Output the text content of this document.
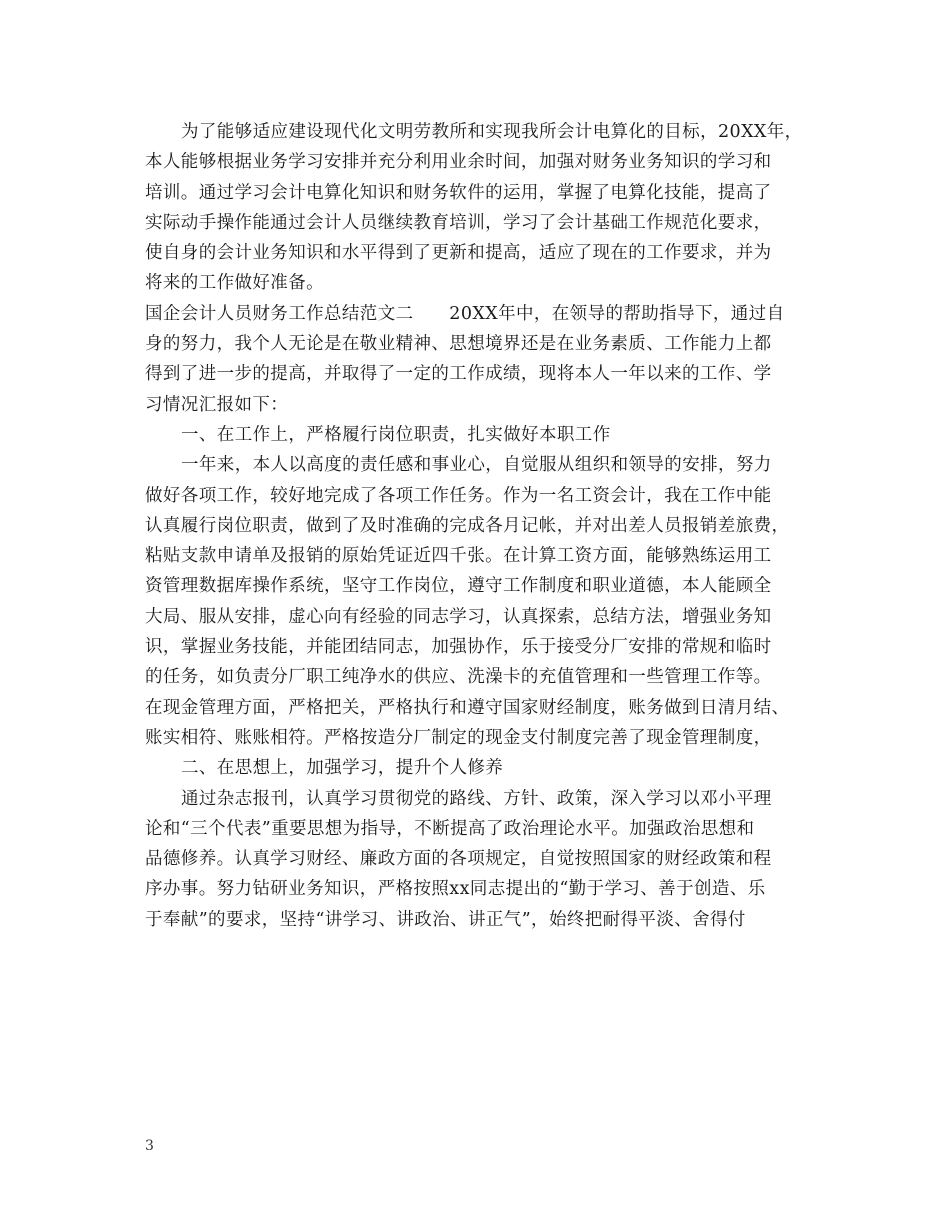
为了能够适应建设现代化文明劳教所和实现我所会计电算化的目标，20XX年，
本人能够根据业务学习安排并充分利用业余时间，加强对财务业务知识的学习和
培训。通过学习会计电算化知识和财务软件的运用，掌握了电算化技能，提高了
实际动手操作能通过会计人员继续教育培训，学习了会计基础工作规范化要求，
使自身的会计业务知识和水平得到了更新和提高，适应了现在的工作要求，并为
将来的工作做好准备。
国企会计人员财务工作总结范文二　　20XX年中，在领导的帮助指导下，通过自
身的努力，我个人无论是在敬业精神、思想境界还是在业务素质、工作能力上都
得到了进一步的提高，并取得了一定的工作成绩，现将本人一年以来的工作、学
习情况汇报如下：
一、在工作上，严格履行岗位职责，扎实做好本职工作
一年来，本人以高度的责任感和事业心，自觉服从组织和领导的安排，努力
做好各项工作，较好地完成了各项工作任务。作为一名工资会计，我在工作中能
认真履行岗位职责，做到了及时准确的完成各月记帐，并对出差人员报销差旅费，
粘贴支款申请单及报销的原始凭证近四千张。在计算工资方面，能够熟练运用工
资管理数据库操作系统，坚守工作岗位，遵守工作制度和职业道德，本人能顾全
大局、服从安排，虚心向有经验的同志学习，认真探索，总结方法，增强业务知
识，掌握业务技能，并能团结同志，加强协作，乐于接受分厂安排的常规和临时
的任务，如负责分厂职工纯净水的供应、洗澡卡的充值管理和一些管理工作等。
在现金管理方面，严格把关，严格执行和遵守国家财经制度，账务做到日清月结、
账实相符、账账相符。严格按造分厂制定的现金支付制度完善了现金管理制度，
二、在思想上，加强学习，提升个人修养
通过杂志报刊，认真学习贯彻党的路线、方针、政策，深入学习以邓小平理
论和“三个代表”重要思想为指导，不断提高了政治理论水平。加强政治思想和
品德修养。认真学习财经、廉政方面的各项规定，自觉按照国家的财经政策和程
序办事。努力钻研业务知识，严格按照xx同志提出的“勤于学习、善于创造、乐
于奉献”的要求，坚持“讲学习、讲政治、讲正气”，始终把耐得平淡、舍得付
3
